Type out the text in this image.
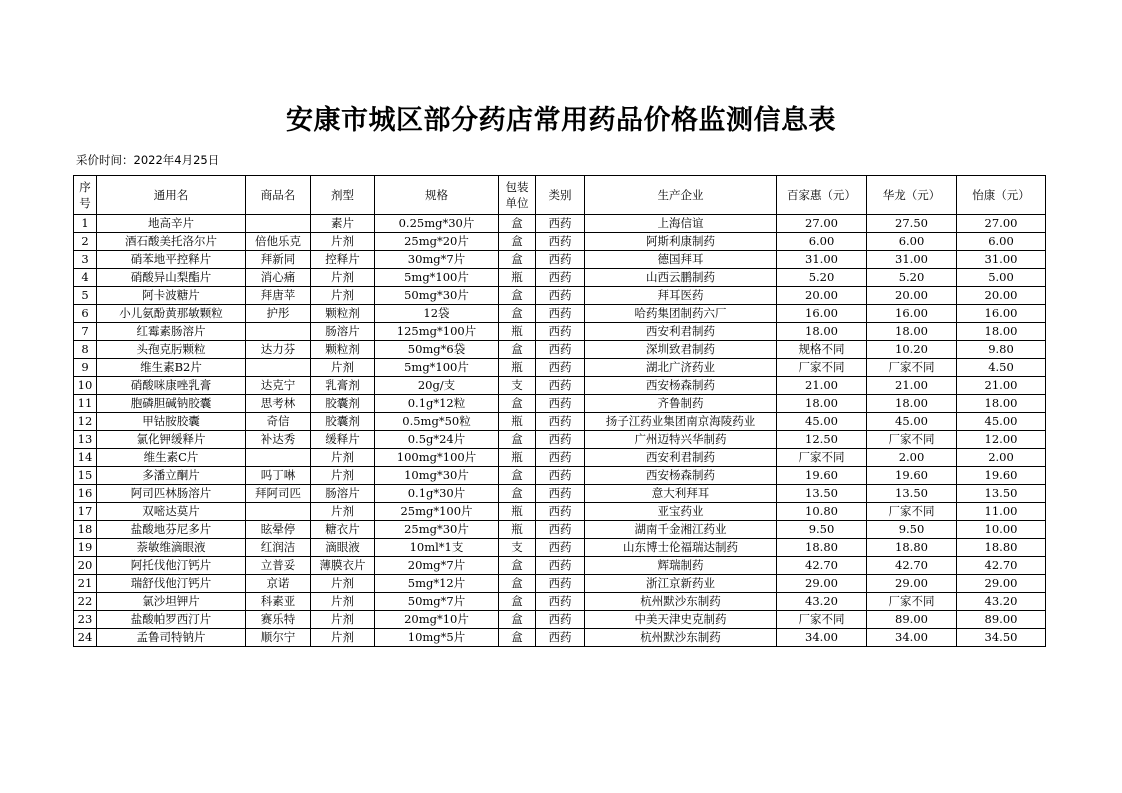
安康市城区部分药店常用药品价格监测信息表
采价时间：2022年4月25日
序号	通用名	商品名	剂型	规格	包装单位	类别	生产企业	百家惠（元）	华龙（元）	怡康（元）
1	地高辛片		素片	0.25mg*30片	盒	西药	上海信谊	27.00	27.50	27.00
2	酒石酸美托洛尔片	倍他乐克	片剂	25mg*20片	盒	西药	阿斯利康制药	6.00	6.00	6.00
3	硝苯地平控释片	拜新同	控释片	30mg*7片	盒	西药	德国拜耳	31.00	31.00	31.00
4	硝酸异山梨酯片	消心痛	片剂	5mg*100片	瓶	西药	山西云鹏制药	5.20	5.20	5.00
5	阿卡波糖片	拜唐苹	片剂	50mg*30片	盒	西药	拜耳医药	20.00	20.00	20.00
6	小儿氨酚黄那敏颗粒	护彤	颗粒剂	12袋	盒	西药	哈药集团制药六厂	16.00	16.00	16.00
7	红霉素肠溶片		肠溶片	125mg*100片	瓶	西药	西安利君制药	18.00	18.00	18.00
8	头孢克肟颗粒	达力芬	颗粒剂	50mg*6袋	盒	西药	深圳致君制药	规格不同	10.20	9.80
9	维生素B2片		片剂	5mg*100片	瓶	西药	湖北广济药业	厂家不同	厂家不同	4.50
10	硝酸咪康唑乳膏	达克宁	乳膏剂	20g/支	支	西药	西安杨森制药	21.00	21.00	21.00
11	胞磷胆碱钠胶囊	思考林	胶囊剂	0.1g*12粒	盒	西药	齐鲁制药	18.00	18.00	18.00
12	甲钴胺胶囊	奇信	胶囊剂	0.5mg*50粒	瓶	西药	扬子江药业集团南京海陵药业	45.00	45.00	45.00
13	氯化钾缓释片	补达秀	缓释片	0.5g*24片	盒	西药	广州迈特兴华制药	12.50	厂家不同	12.00
14	维生素C片		片剂	100mg*100片	瓶	西药	西安利君制药	厂家不同	2.00	2.00
15	多潘立酮片	吗丁啉	片剂	10mg*30片	盒	西药	西安杨森制药	19.60	19.60	19.60
16	阿司匹林肠溶片	拜阿司匹	肠溶片	0.1g*30片	盒	西药	意大利拜耳	13.50	13.50	13.50
17	双嘧达莫片		片剂	25mg*100片	瓶	西药	亚宝药业	10.80	厂家不同	11.00
18	盐酸地芬尼多片	眩晕停	糖衣片	25mg*30片	瓶	西药	湖南千金湘江药业	9.50	9.50	10.00
19	萘敏维滴眼液	红润洁	滴眼液	10ml*1支	支	西药	山东博士伦福瑞达制药	18.80	18.80	18.80
20	阿托伐他汀钙片	立普妥	薄膜衣片	20mg*7片	盒	西药	辉瑞制药	42.70	42.70	42.70
21	瑞舒伐他汀钙片	京诺	片剂	5mg*12片	盒	西药	浙江京新药业	29.00	29.00	29.00
22	氯沙坦钾片	科素亚	片剂	50mg*7片	盒	西药	杭州默沙东制药	43.20	厂家不同	43.20
23	盐酸帕罗西汀片	赛乐特	片剂	20mg*10片	盒	西药	中美天津史克制药	厂家不同	89.00	89.00
24	孟鲁司特钠片	顺尔宁	片剂	10mg*5片	盒	西药	杭州默沙东制药	34.00	34.00	34.50
